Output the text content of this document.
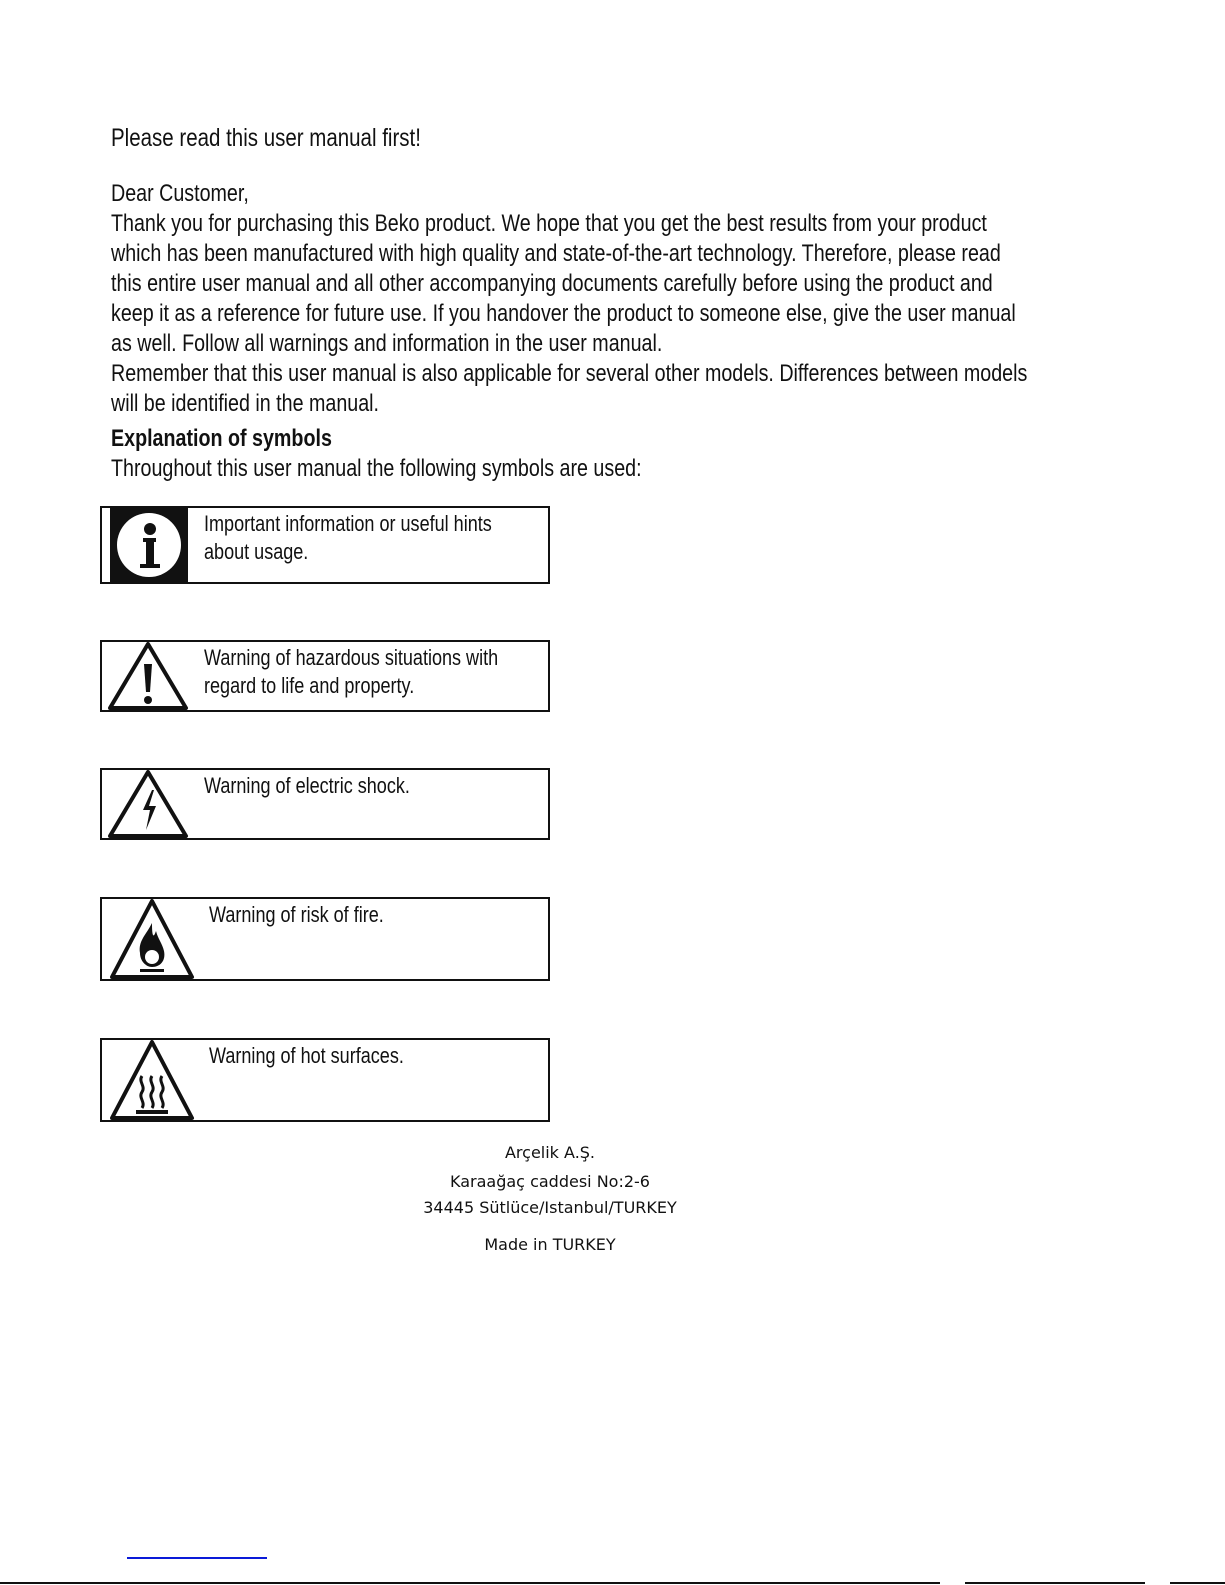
Please read this user manual first!
Dear Customer,
Thank you for purchasing this Beko product. We hope that you get the best results from your product
which has been manufactured with high quality and state-of-the-art technology. Therefore, please read
this entire user manual and all other accompanying documents carefully before using the product and
keep it as a reference for future use. If you handover the product to someone else, give the user manual
as well. Follow all warnings and information in the user manual.
Remember that this user manual is also applicable for several other models. Differences between models
will be identified in the manual.
Explanation of symbols
Throughout this user manual the following symbols are used:
Important information or useful hints
about usage.
Warning of hazardous situations with
regard to life and property.
Warning of electric shock.
Warning of risk of fire.
Warning of hot surfaces.
Arçelik A.Ş.
Karaağaç caddesi No:2-6
34445 Sütlüce/Istanbul/TURKEY
Made in TURKEY
